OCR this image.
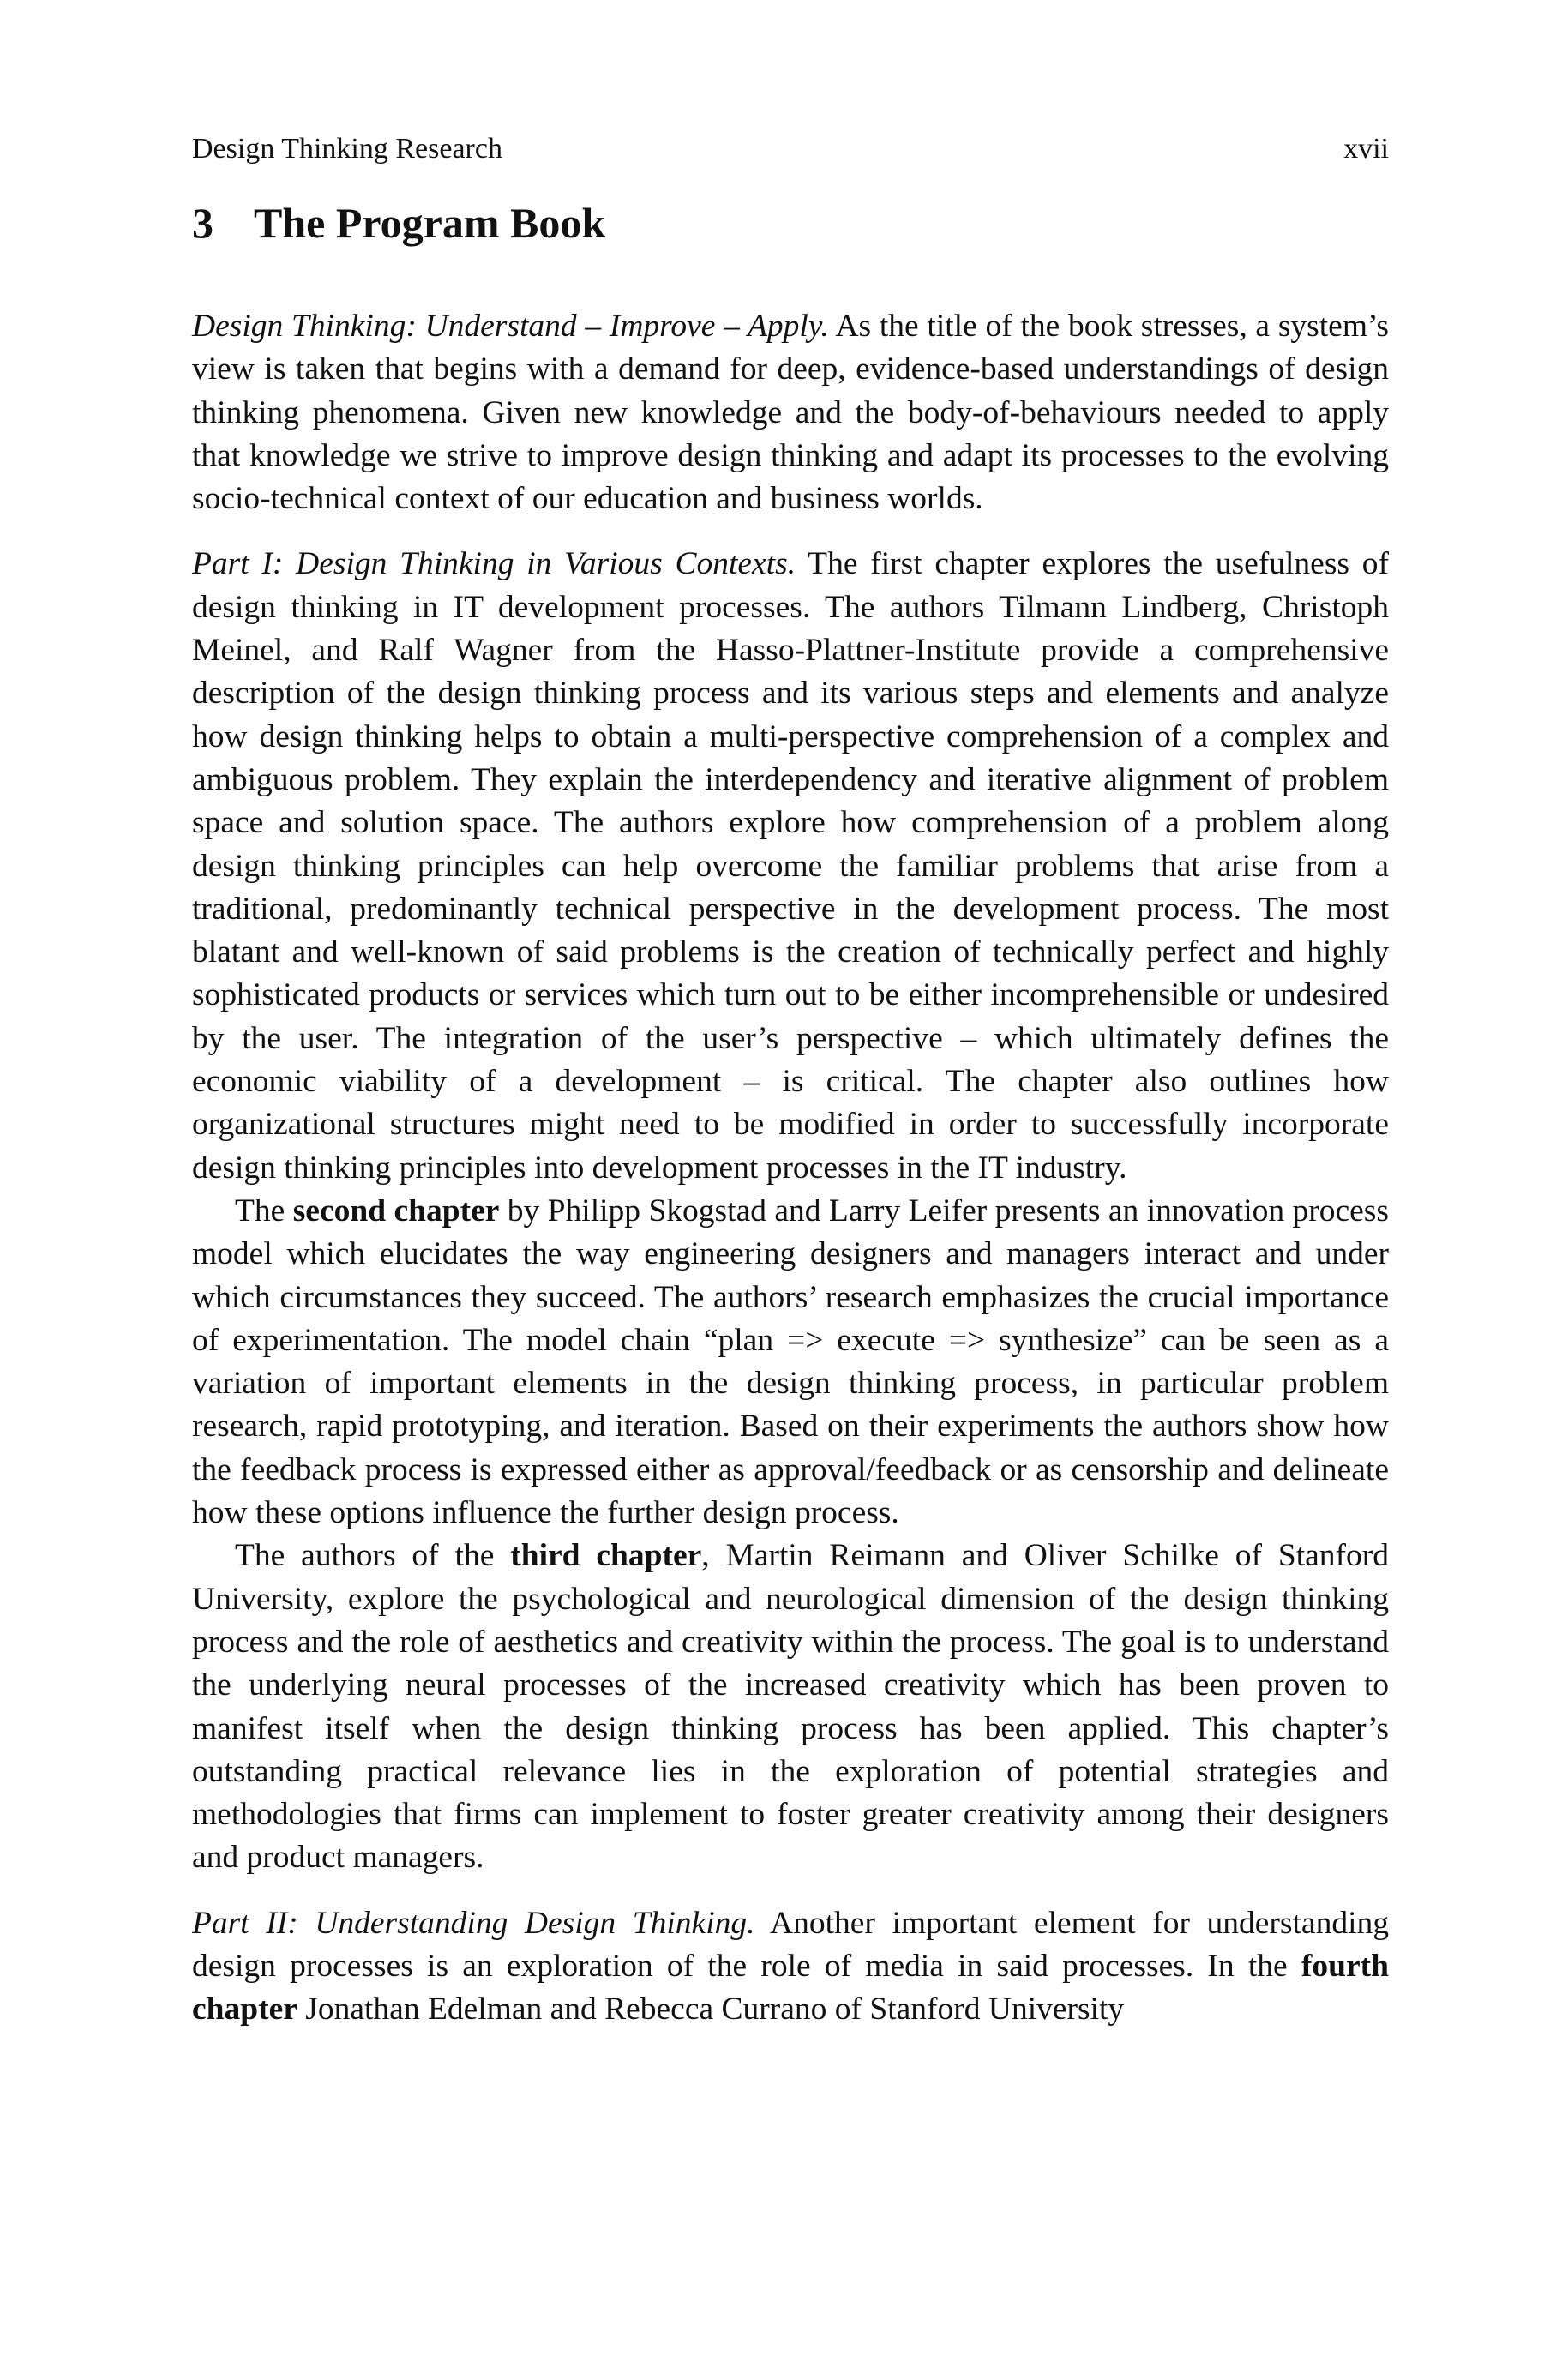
Design Thinking Research	xvii
3 The Program Book

Design Thinking: Understand – Improve – Apply. As the title of the book stresses, a system’s view is taken that begins with a demand for deep, evidence-based understandings of design thinking phenomena. Given new knowledge and the body-of-behaviours needed to apply that knowledge we strive to improve design thinking and adapt its processes to the evolving socio-technical context of our education and business worlds.

Part I: Design Thinking in Various Contexts. The first chapter explores the usefulness of design thinking in IT development processes. The authors Tilmann Lindberg, Christoph Meinel, and Ralf Wagner from the Hasso-Plattner-Institute provide a comprehensive description of the design thinking process and its various steps and elements and analyze how design thinking helps to obtain a multi-perspective comprehension of a complex and ambiguous problem. They explain the interdependency and iterative alignment of problem space and solution space. The authors explore how comprehension of a problem along design thinking principles can help overcome the familiar problems that arise from a traditional, predominantly technical perspective in the development process. The most blatant and well-known of said problems is the creation of technically perfect and highly sophisticated products or services which turn out to be either incomprehensible or undesired by the user. The integration of the user’s perspective – which ultimately defines the economic viability of a development – is critical. The chapter also outlines how organizational structures might need to be modified in order to successfully incorporate design thinking principles into development processes in the IT industry.

The second chapter by Philipp Skogstad and Larry Leifer presents an innovation process model which elucidates the way engineering designers and managers interact and under which circumstances they succeed. The authors’ research emphasizes the crucial importance of experimentation. The model chain “plan => execute => synthesize” can be seen as a variation of important elements in the design thinking process, in particular problem research, rapid prototyping, and iteration. Based on their experiments the authors show how the feedback process is expressed either as approval/feedback or as censorship and delineate how these options influence the further design process.

The authors of the third chapter, Martin Reimann and Oliver Schilke of Stanford University, explore the psychological and neurological dimension of the design thinking process and the role of aesthetics and creativity within the process. The goal is to understand the underlying neural processes of the increased creativity which has been proven to manifest itself when the design thinking process has been applied. This chapter’s outstanding practical relevance lies in the exploration of potential strategies and methodologies that firms can implement to foster greater creativity among their designers and product managers.

Part II: Understanding Design Thinking. Another important element for understanding design processes is an exploration of the role of media in said processes. In the fourth chapter Jonathan Edelman and Rebecca Currano of Stanford University
